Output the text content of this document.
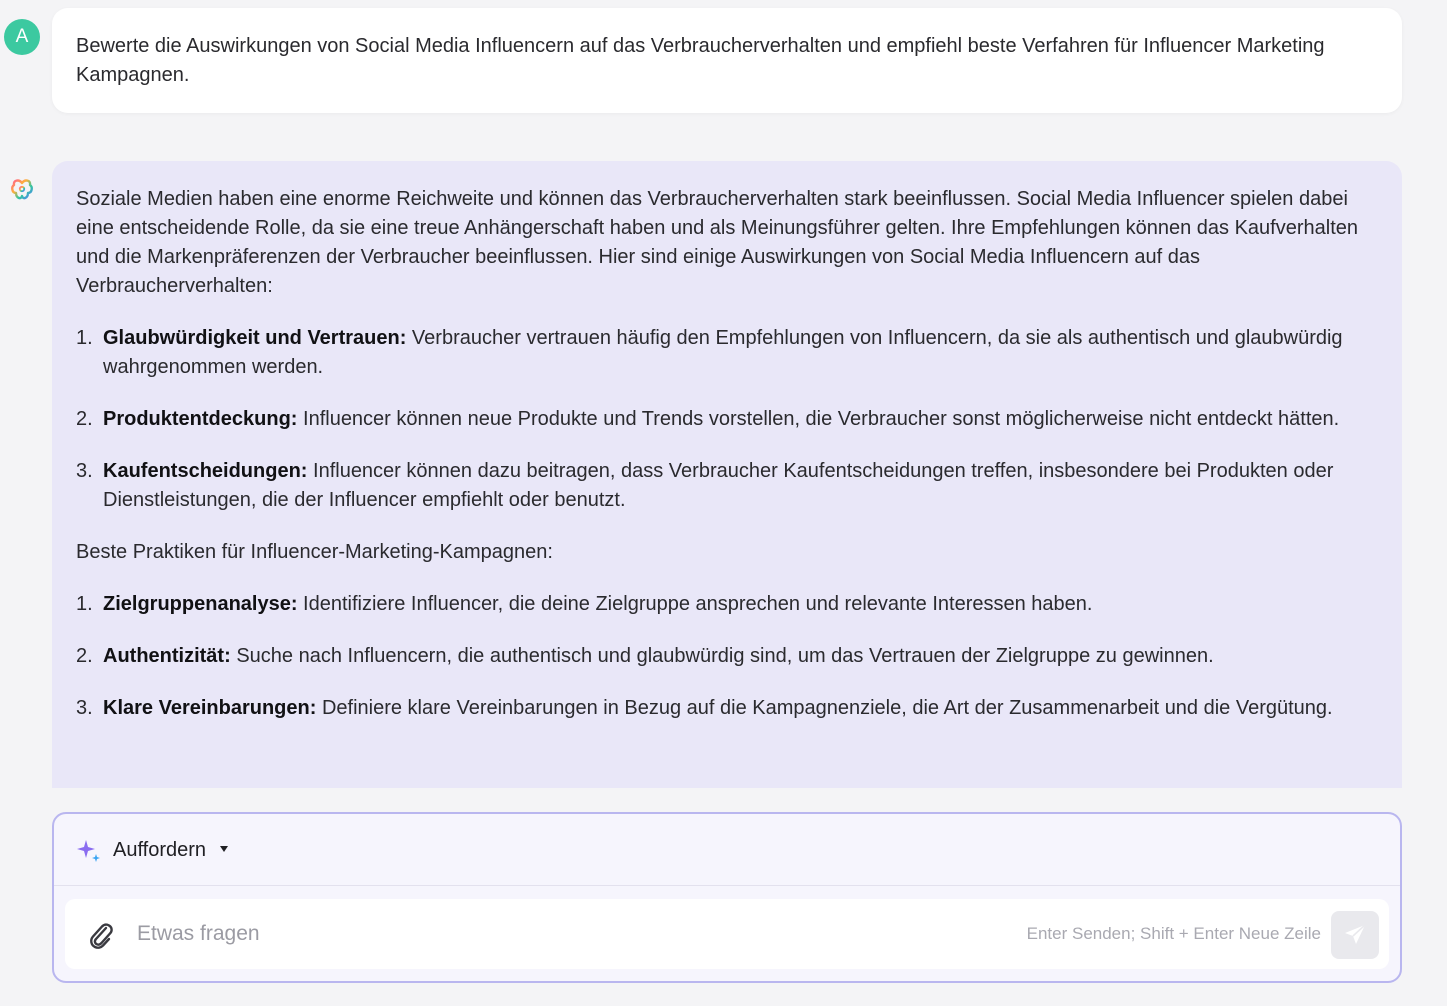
A	Bewerte die Auswirkungen von Social Media Influencern auf das Verbraucherverhalten und empfiehl beste Verfahren für Influencer Marketing Kampagnen.

Soziale Medien haben eine enorme Reichweite und können das Verbraucherverhalten stark beeinflussen. Social Media Influencer spielen dabei eine entscheidende Rolle, da sie eine treue Anhängerschaft haben und als Meinungsführer gelten. Ihre Empfehlungen können das Kaufverhalten und die Markenpräferenzen der Verbraucher beeinflussen. Hier sind einige Auswirkungen von Social Media Influencern auf das Verbraucherverhalten:

1. Glaubwürdigkeit und Vertrauen: Verbraucher vertrauen häufig den Empfehlungen von Influencern, da sie als authentisch und glaubwürdig wahrgenommen werden.
2. Produktentdeckung: Influencer können neue Produkte und Trends vorstellen, die Verbraucher sonst möglicherweise nicht entdeckt hätten.
3. Kaufentscheidungen: Influencer können dazu beitragen, dass Verbraucher Kaufentscheidungen treffen, insbesondere bei Produkten oder Dienstleistungen, die der Influencer empfiehlt oder benutzt.

Beste Praktiken für Influencer-Marketing-Kampagnen:

1. Zielgruppenanalyse: Identifiziere Influencer, die deine Zielgruppe ansprechen und relevante Interessen haben.
2. Authentizität: Suche nach Influencern, die authentisch und glaubwürdig sind, um das Vertrauen der Zielgruppe zu gewinnen.
3. Klare Vereinbarungen: Definiere klare Vereinbarungen in Bezug auf die Kampagnenziele, die Art der Zusammenarbeit und die Vergütung.
Auffordern
Etwas fragen
Enter Senden; Shift + Enter Neue Zeile
